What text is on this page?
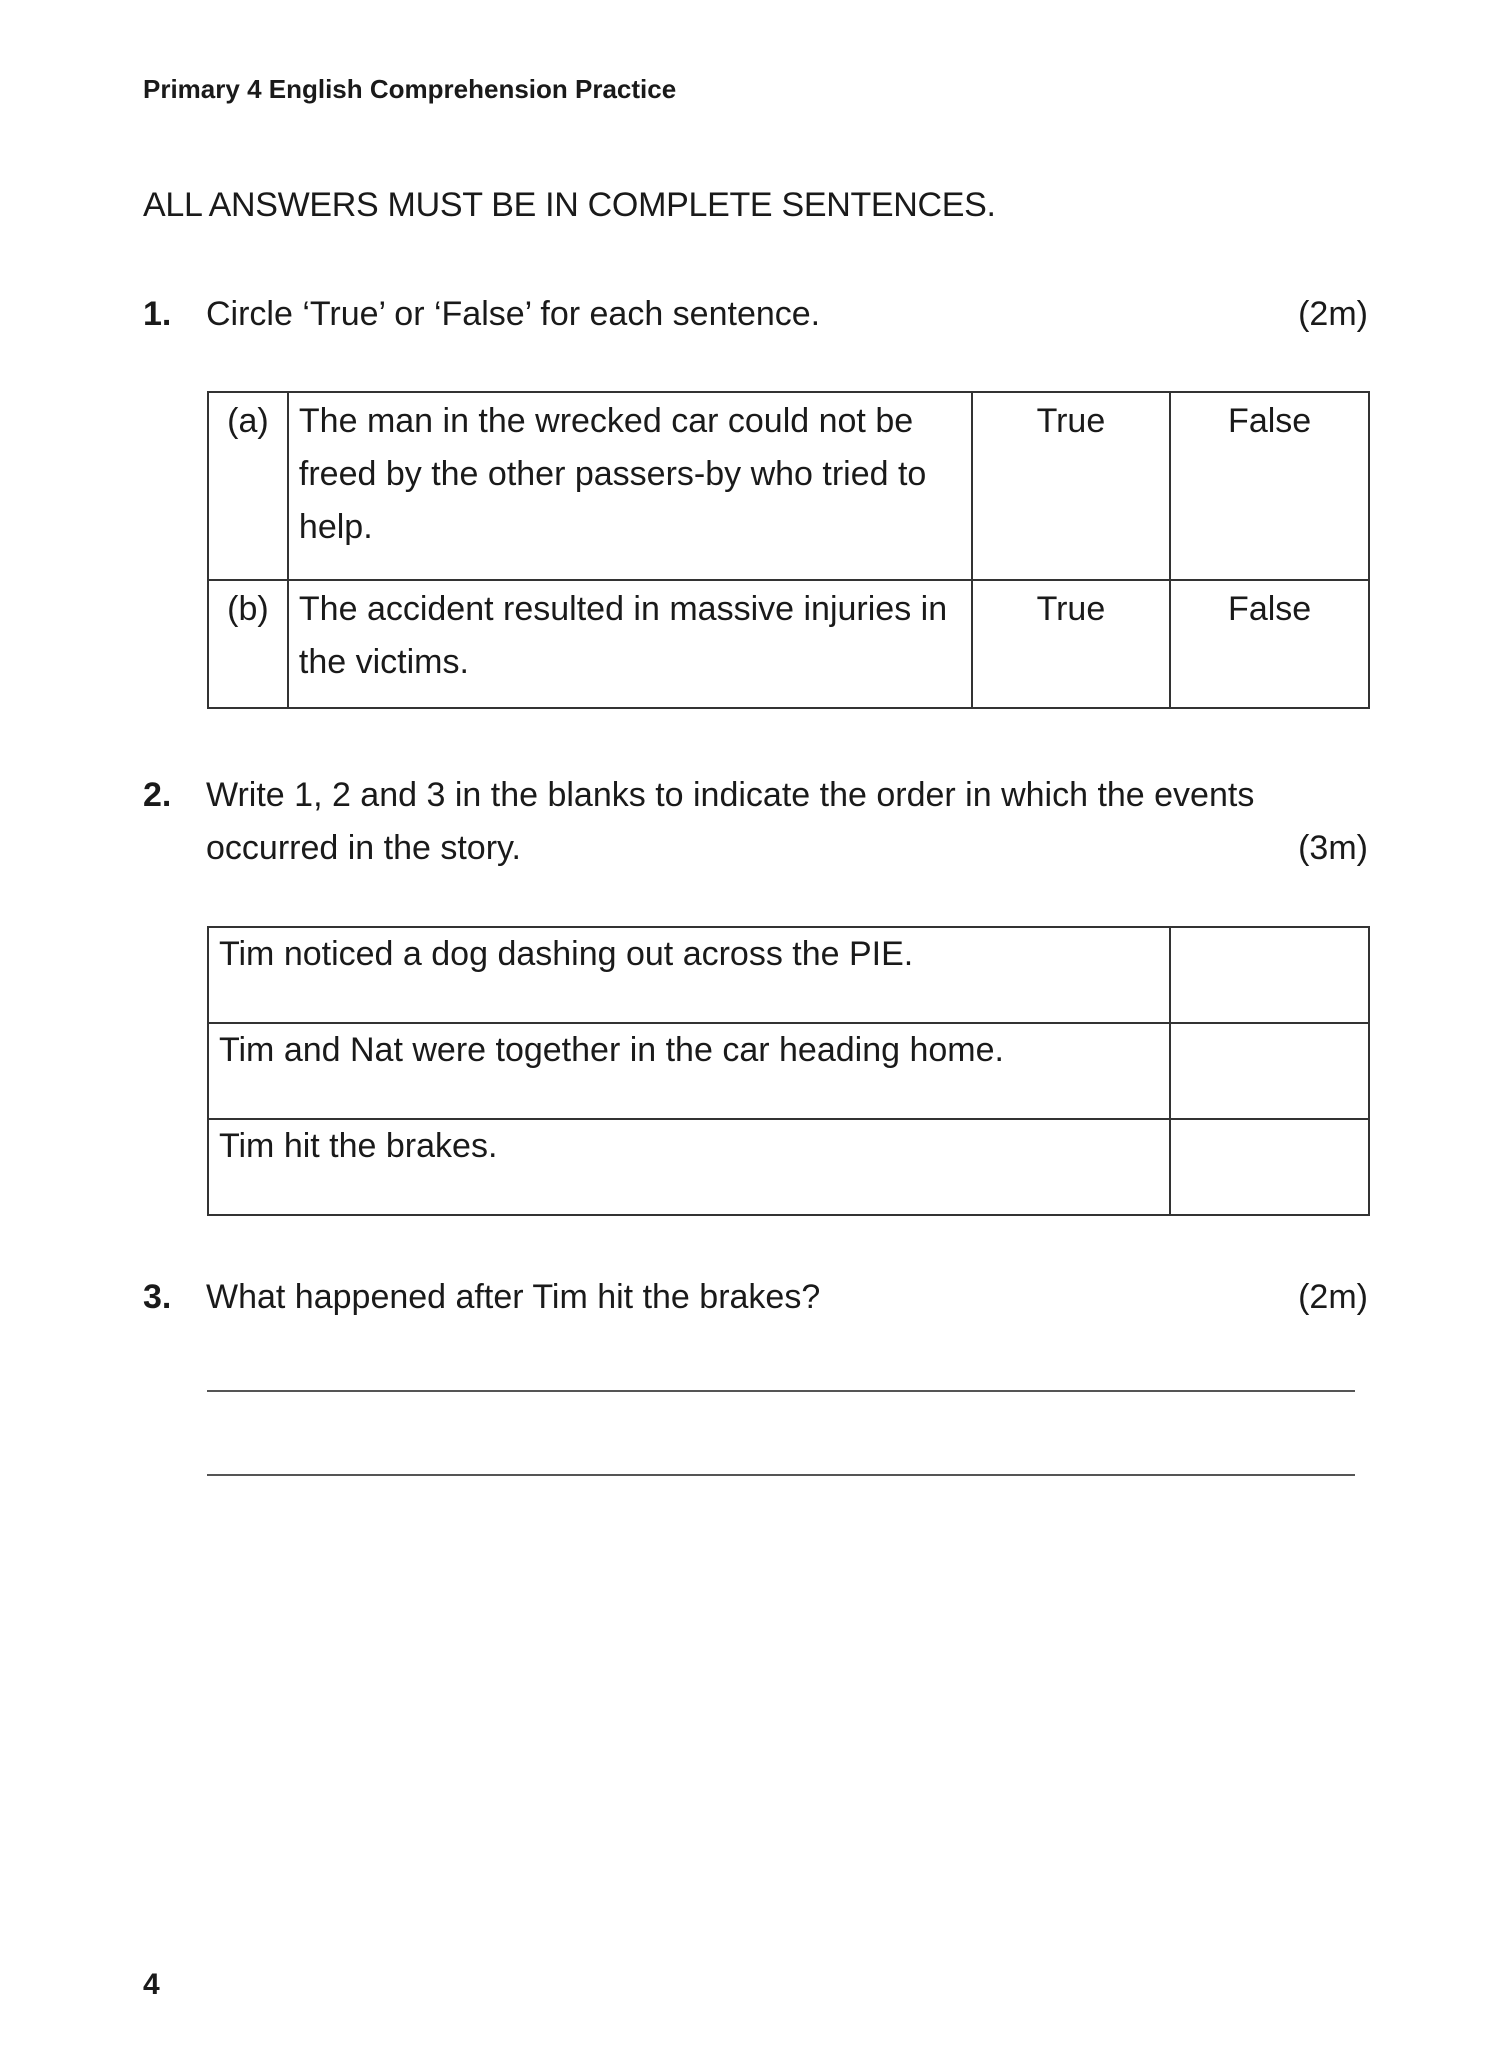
Primary 4 English Comprehension Practice
ALL ANSWERS MUST BE IN COMPLETE SENTENCES.
1. Circle ‘True’ or ‘False’ for each sentence.	(2m)
(a)	The man in the wrecked car could not be freed by the other passers-by who tried to help.	True	False
(b)	The accident resulted in massive injuries in the victims.	True	False
2. Write 1, 2 and 3 in the blanks to indicate the order in which the events occurred in the story.	(3m)
Tim noticed a dog dashing out across the PIE.	
Tim and Nat were together in the car heading home.	
Tim hit the brakes.	
3. What happened after Tim hit the brakes?	(2m)
4
